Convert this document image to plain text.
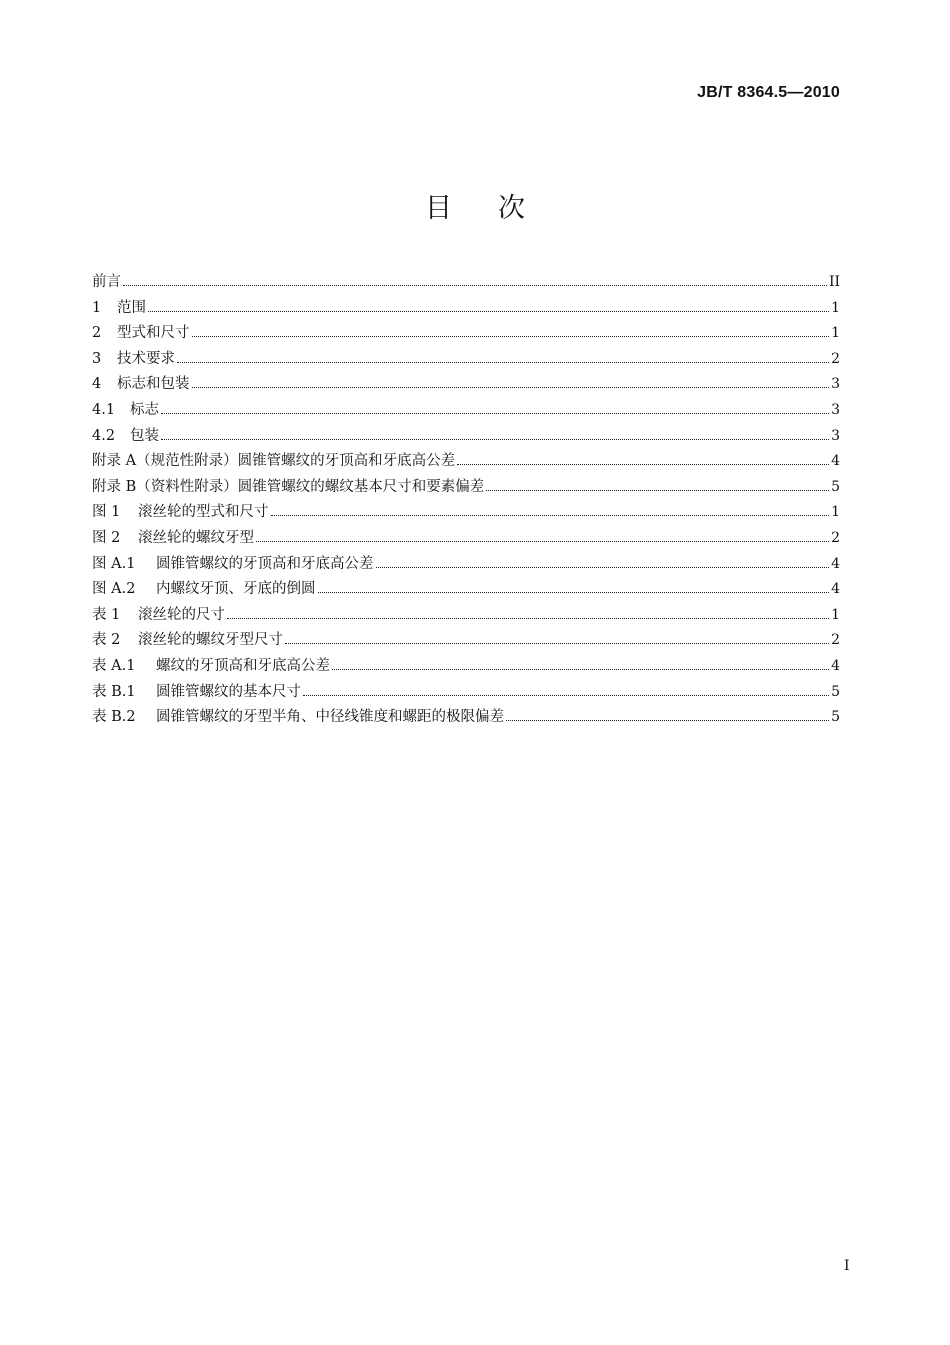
JB/T 8364.5—2010
目次
前言	II
1 范围	1
2 型式和尺寸	1
3 技术要求	2
4 标志和包装	3
4.1 标志	3
4.2 包装	3
附录 A（规范性附录）圆锥管螺纹的牙顶高和牙底高公差	4
附录 B（资料性附录）圆锥管螺纹的螺纹基本尺寸和要素偏差	5
图 1 滚丝轮的型式和尺寸	1
图 2 滚丝轮的螺纹牙型	2
图 A.1 圆锥管螺纹的牙顶高和牙底高公差	4
图 A.2 内螺纹牙顶、牙底的倒圆	4
表 1 滚丝轮的尺寸	1
表 2 滚丝轮的螺纹牙型尺寸	2
表 A.1 螺纹的牙顶高和牙底高公差	4
表 B.1 圆锥管螺纹的基本尺寸	5
表 B.2 圆锥管螺纹的牙型半角、中径线锥度和螺距的极限偏差	5
I
